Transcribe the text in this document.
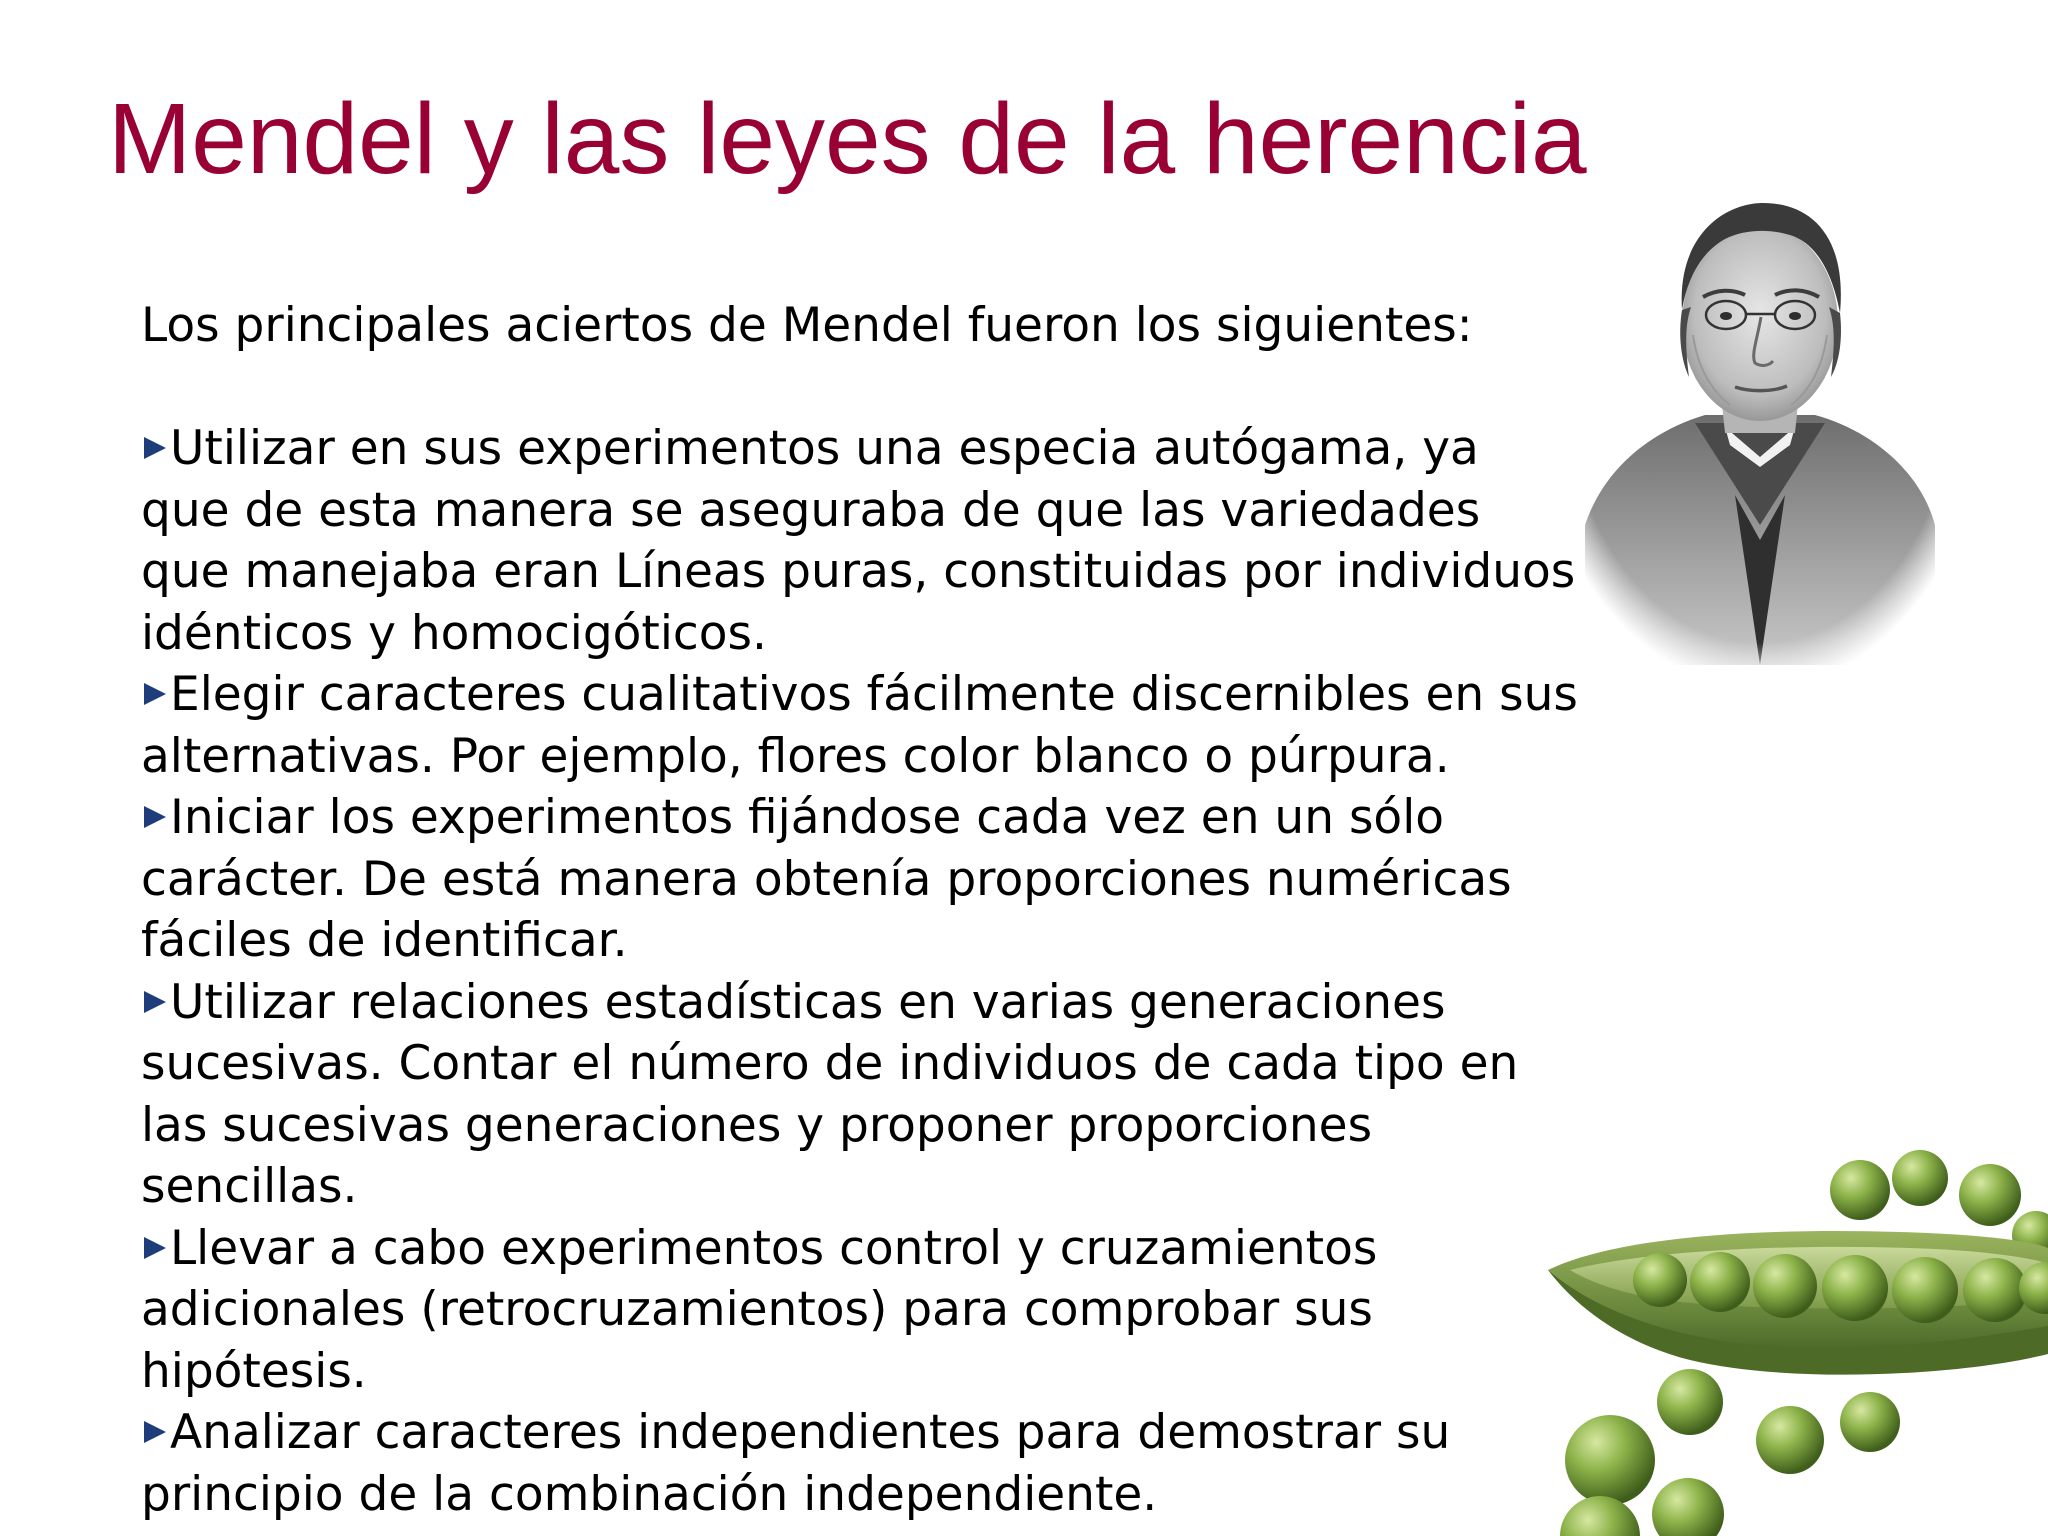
Mendel y las leyes de la herencia

Los principales aciertos de Mendel fueron los siguientes:

Utilizar en sus experimentos una especia autógama, ya que de esta manera se aseguraba de que las variedades que manejaba eran Líneas puras, constituidas por individuos idénticos y homocigóticos.
Elegir caracteres cualitativos fácilmente discernibles en sus alternativas. Por ejemplo, flores color blanco o púrpura.
Iniciar los experimentos fijándose cada vez en un sólo carácter. De está manera obtenía proporciones numéricas fáciles de identificar.
Utilizar relaciones estadísticas en varias generaciones sucesivas. Contar el número de individuos de cada tipo en las sucesivas generaciones y proponer proporciones sencillas.
Llevar a cabo experimentos control y cruzamientos adicionales (retrocruzamientos) para comprobar sus hipótesis.
Analizar caracteres independientes para demostrar su principio de la combinación independiente.
